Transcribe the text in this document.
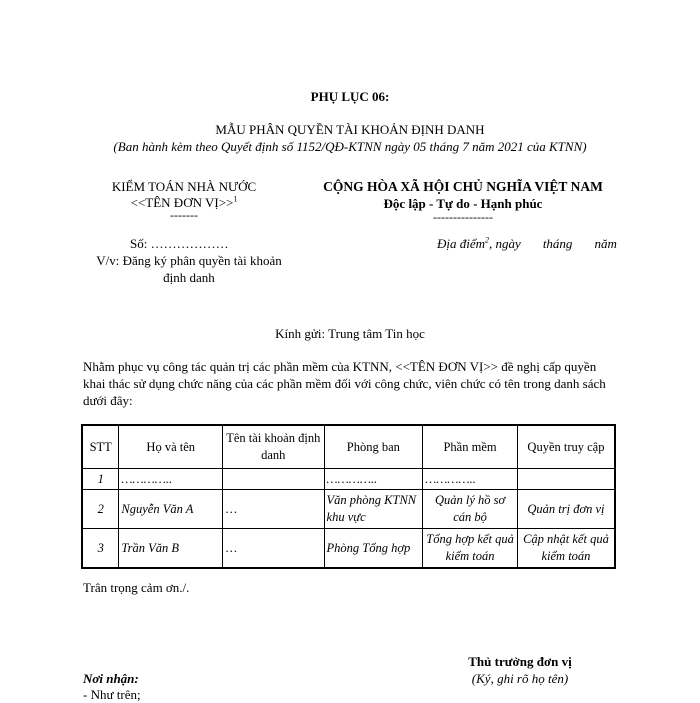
PHỤ LỤC 06:
MẪU PHÂN QUYỀN TÀI KHOẢN ĐỊNH DANH
(Ban hành kèm theo Quyết định số 1152/QĐ-KTNN ngày 05 tháng 7 năm 2021 của KTNN)
KIỂM TOÁN NHÀ NƯỚC
<<TÊN ĐƠN VỊ>>$^1$
-------
CỘNG HÒA XÃ HỘI CHỦ NGHĨA VIỆT NAM
Độc lập - Tự do - Hạnh phúc
---------------
Số: ………………
V/v: Đăng ký phân quyền tài khoản định danh
Địa điểm$^2$, ngày tháng năm
Kính gửi: Trung tâm Tin học
Nhằm phục vụ công tác quản trị các phần mềm của KTNN, <<TÊN ĐƠN VỊ>> đề nghị cấp quyền khai thác sử dụng chức năng của các phần mềm đối với công chức, viên chức có tên trong danh sách dưới đây:
STT	Họ và tên	Tên tài khoản định danh	Phòng ban	Phần mềm	Quyền truy cập
1	…………..		…………..	…………..	
2	Nguyễn Văn A	…	Văn phòng KTNN khu vực	Quản lý hồ sơ cán bộ	Quản trị đơn vị
3	Trần Văn B	…	Phòng Tổng hợp	Tổng hợp kết quả kiểm toán	Cập nhật kết quả kiểm toán
Trân trọng cảm ơn./.
Thủ trưởng đơn vị
(Ký, ghi rõ họ tên)
Nơi nhận:
- Như trên;
